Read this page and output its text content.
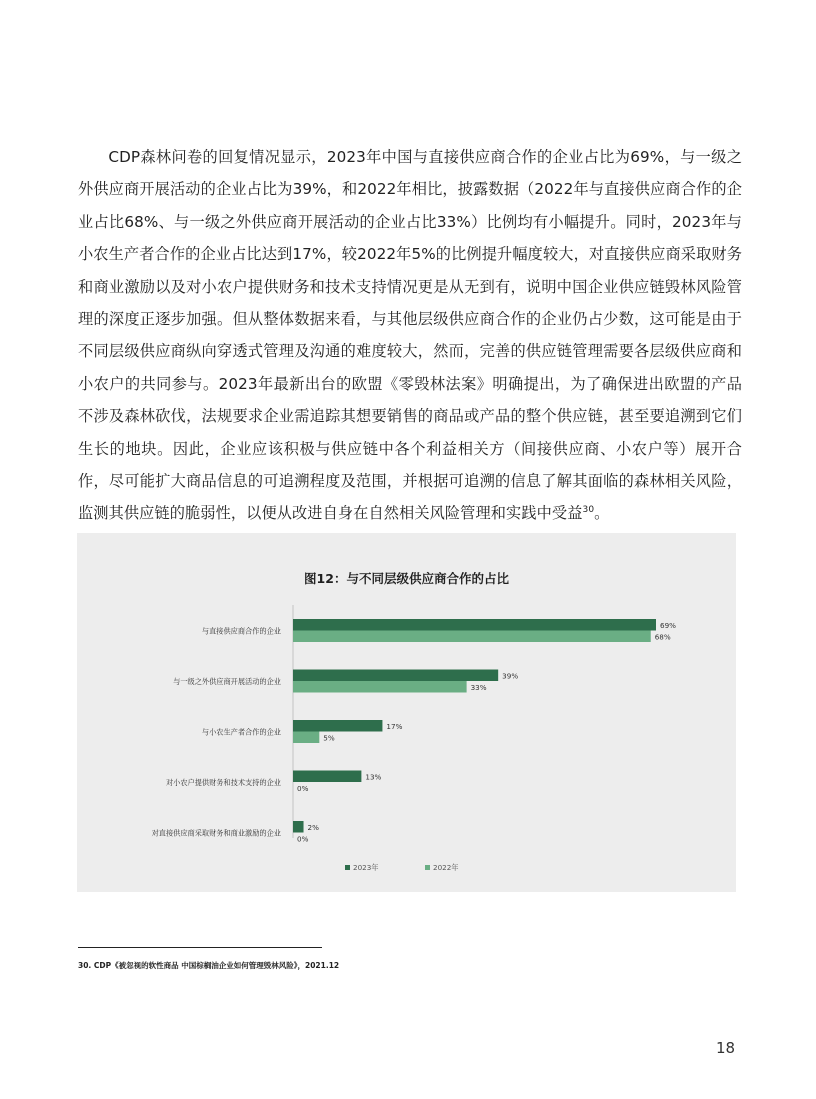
CDP森林问卷的回复情况显示，2023年中国与直接供应商合作的企业占比为69%，与一级之外供应商开展活动的企业占比为39%，和2022年相比，披露数据（2022年与直接供应商合作的企业占比68%、与一级之外供应商开展活动的企业占比33%）比例均有小幅提升。同时，2023年与小农生产者合作的企业占比达到17%，较2022年5%的比例提升幅度较大，对直接供应商采取财务和商业激励以及对小农户提供财务和技术支持情况更是从无到有，说明中国企业供应链毁林风险管理的深度正逐步加强。但从整体数据来看，与其他层级供应商合作的企业仍占少数，这可能是由于不同层级供应商纵向穿透式管理及沟通的难度较大，然而，完善的供应链管理需要各层级供应商和小农户的共同参与。2023年最新出台的欧盟《零毁林法案》明确提出，为了确保进出欧盟的产品不涉及森林砍伐，法规要求企业需追踪其想要销售的商品或产品的整个供应链，甚至要追溯到它们生长的地块。因此，企业应该积极与供应链中各个利益相关方（间接供应商、小农户等）展开合作，尽可能扩大商品信息的可追溯程度及范围，并根据可追溯的信息了解其面临的森林相关风险，监测其供应链的脆弱性，以便从改进自身在自然相关风险管理和实践中受益$^{30}$。

图12：与不同层级供应商合作的占比
与直接供应商合作的企业
69%
68%
与一级之外供应商开展活动的企业
39%
33%
与小农生产者合作的企业
17%
5%
对小农户提供财务和技术支持的企业
13%
0%
对直接供应商采取财务和商业激励的企业
2%
0%
2023年	2022年
30. CDP《被忽视的软性商品 中国棕榈油企业如何管理毁林风险》，2021.12
18
